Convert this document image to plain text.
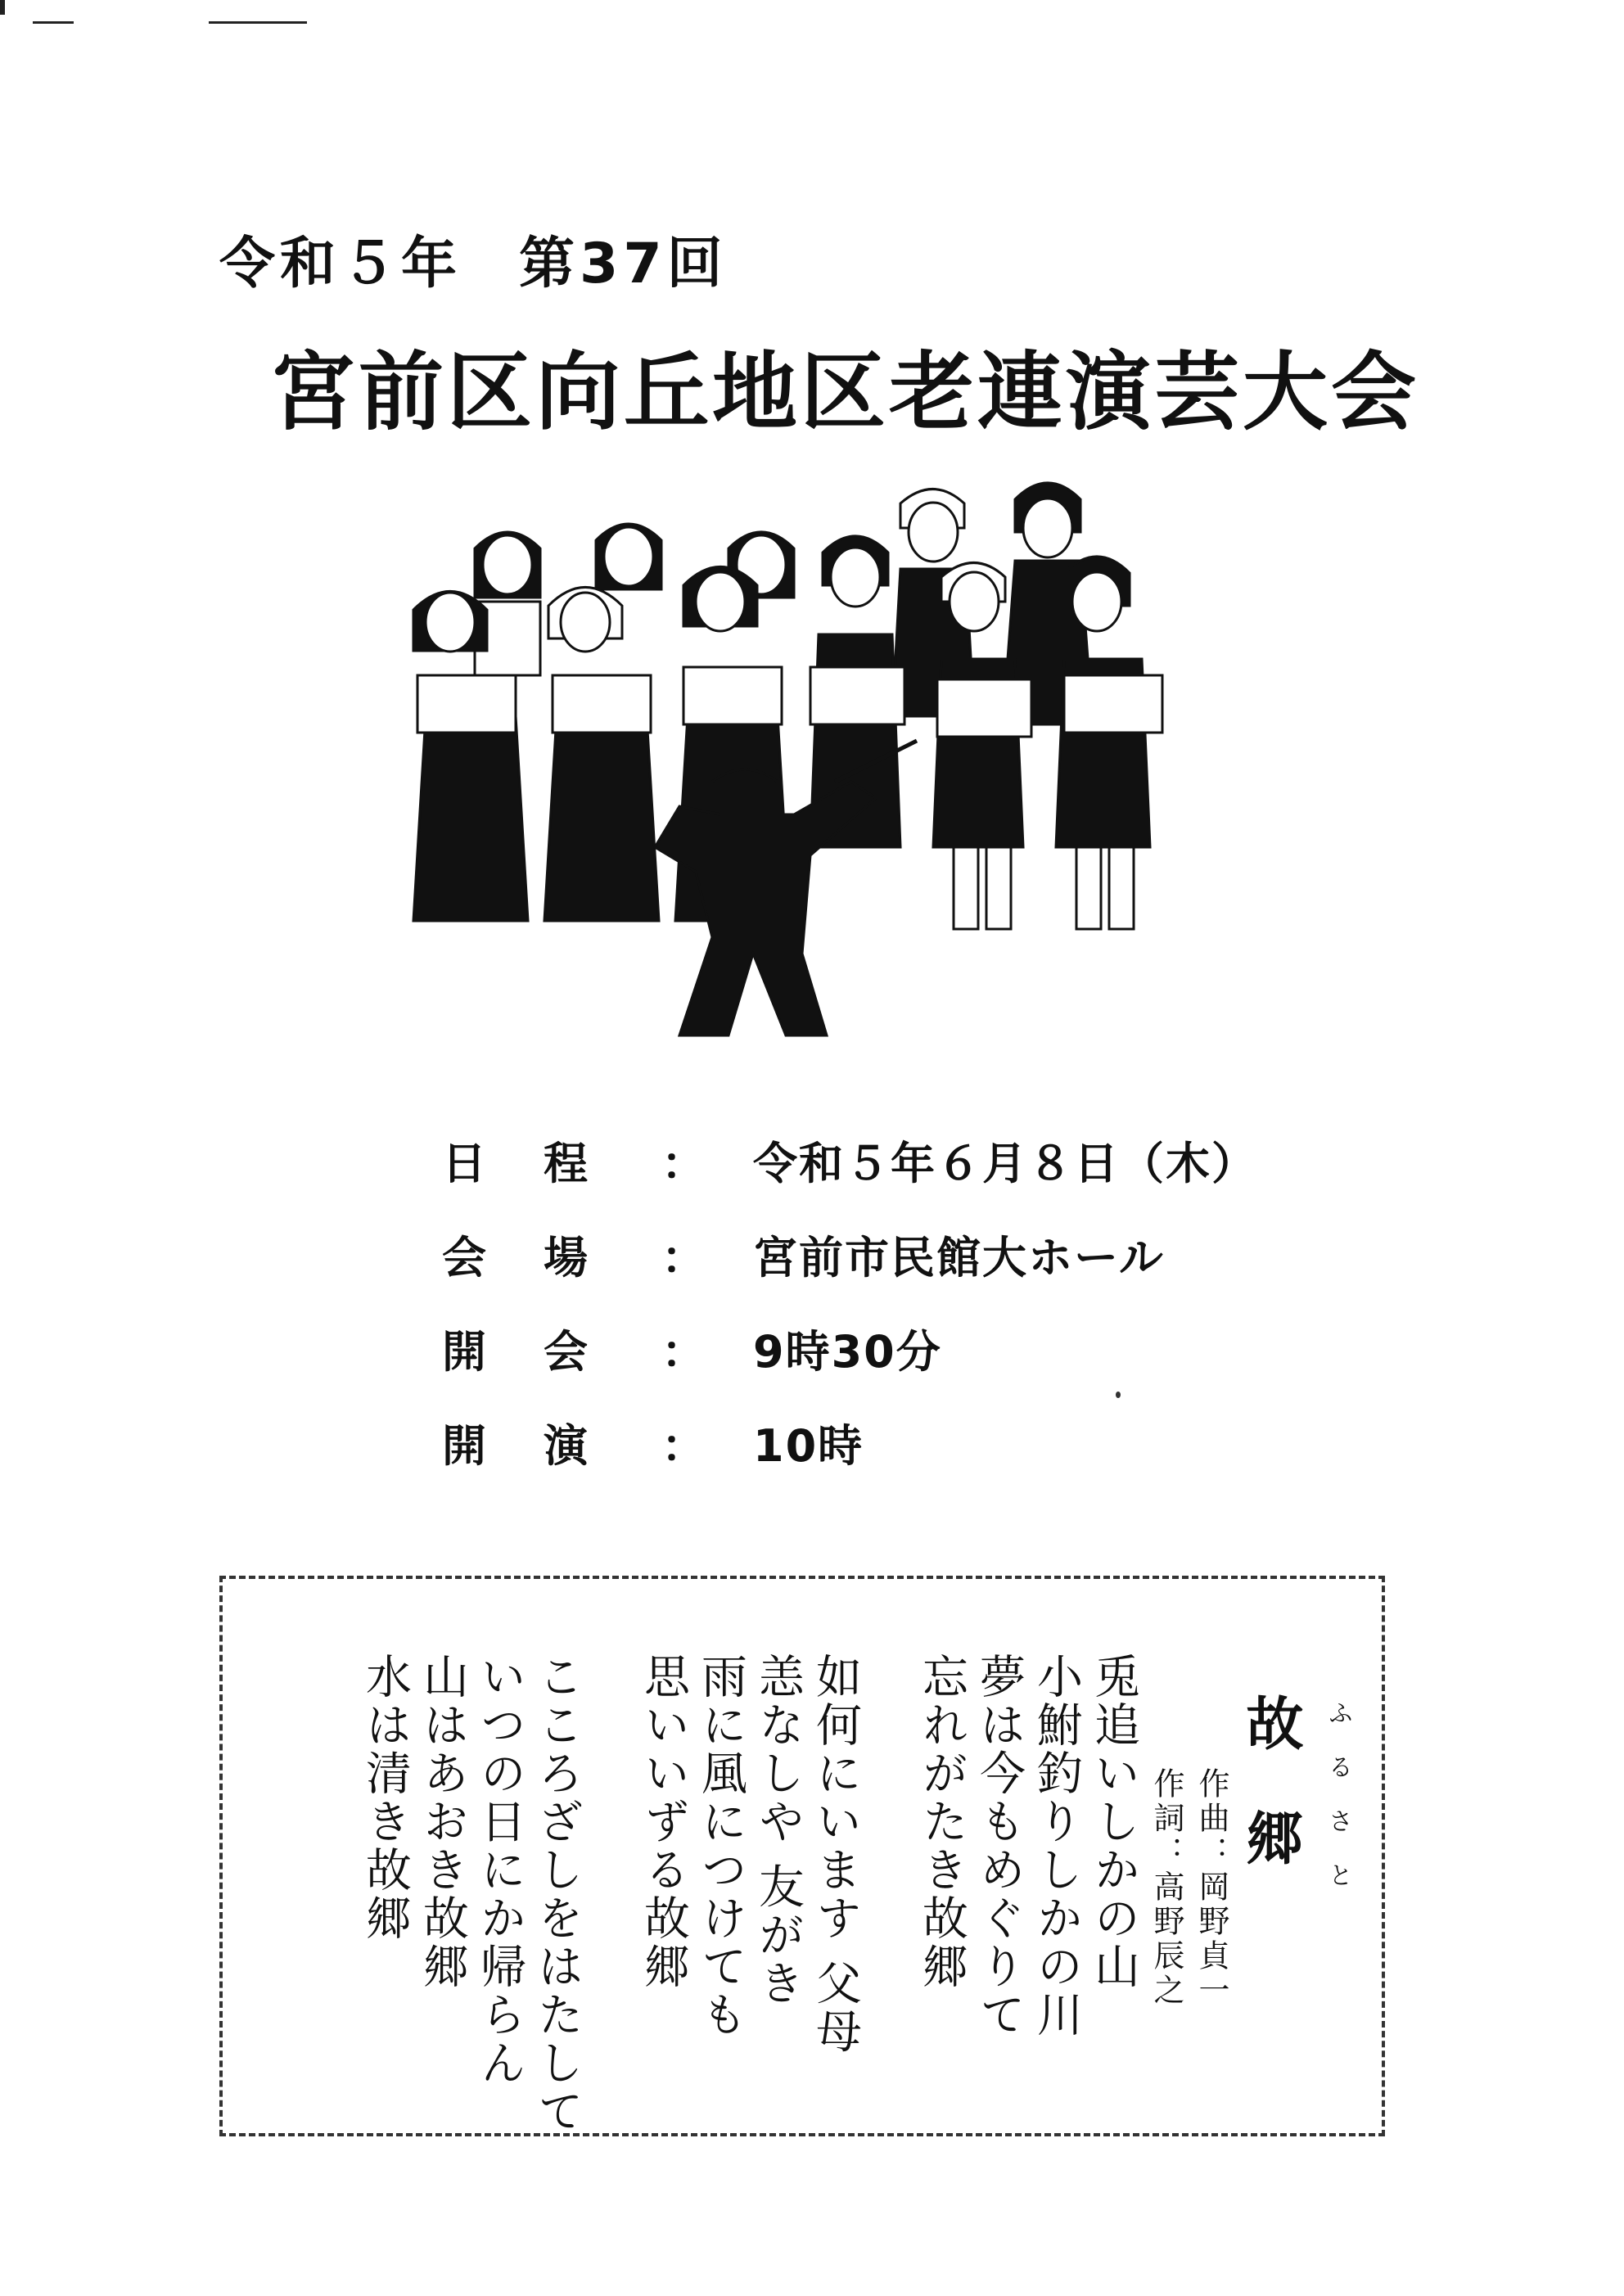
令和５年 第37回
宮前区向丘地区老連演芸大会
日程 ：	令和５年６月８日（木）
会場 ：	宮前市民館大ホール
開会 ：	9時30分
開演 ：	10時
ふるさと
故郷
作詞：高野辰之 作曲：岡野貞一
兎追いしかの山
小鮒釣りしかの川
夢は今もめぐりて
忘れがたき故郷
如何にいます 父母
恙なしや 友がき
雨に風につけても
思いいずる故郷
こころざしをはたして
いつの日にか帰らん
山はあおき故郷
水は清き故郷
